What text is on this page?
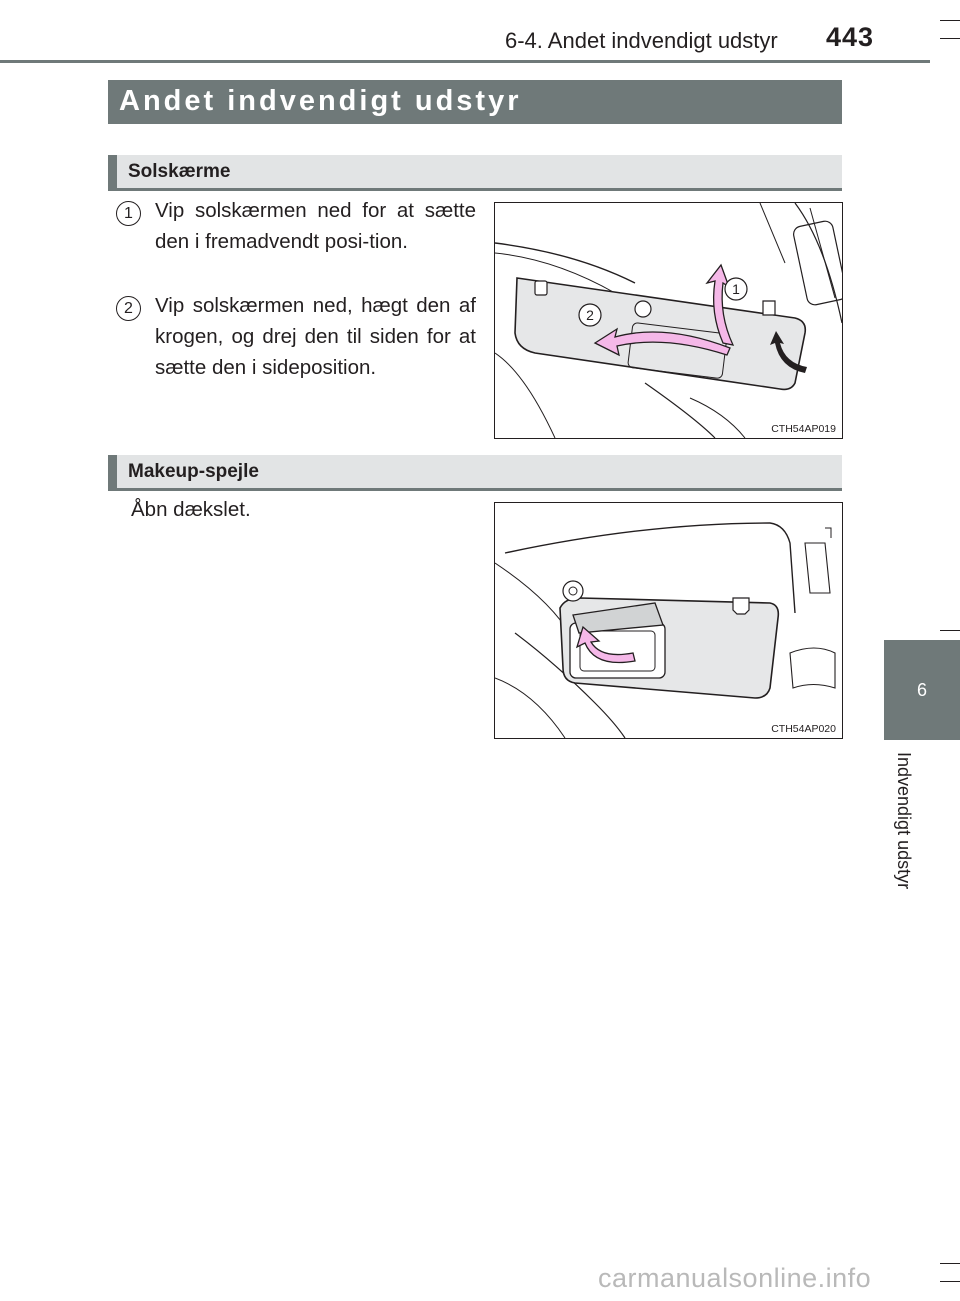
6-4. Andet indvendigt udstyr 443
6
Indvendigt udstyr
Andet indvendigt udstyr
Solskærme
1	Vip solskærmen ned for at sætte den i fremadvendt posi-tion.
2	Vip solskærmen ned, hægt den af krogen, og drej den til siden for at sætte den i sideposition.
1
2
CTH54AP019
Makeup-spejle
Åbn dækslet.
CTH54AP020
carmanualsonline.info
